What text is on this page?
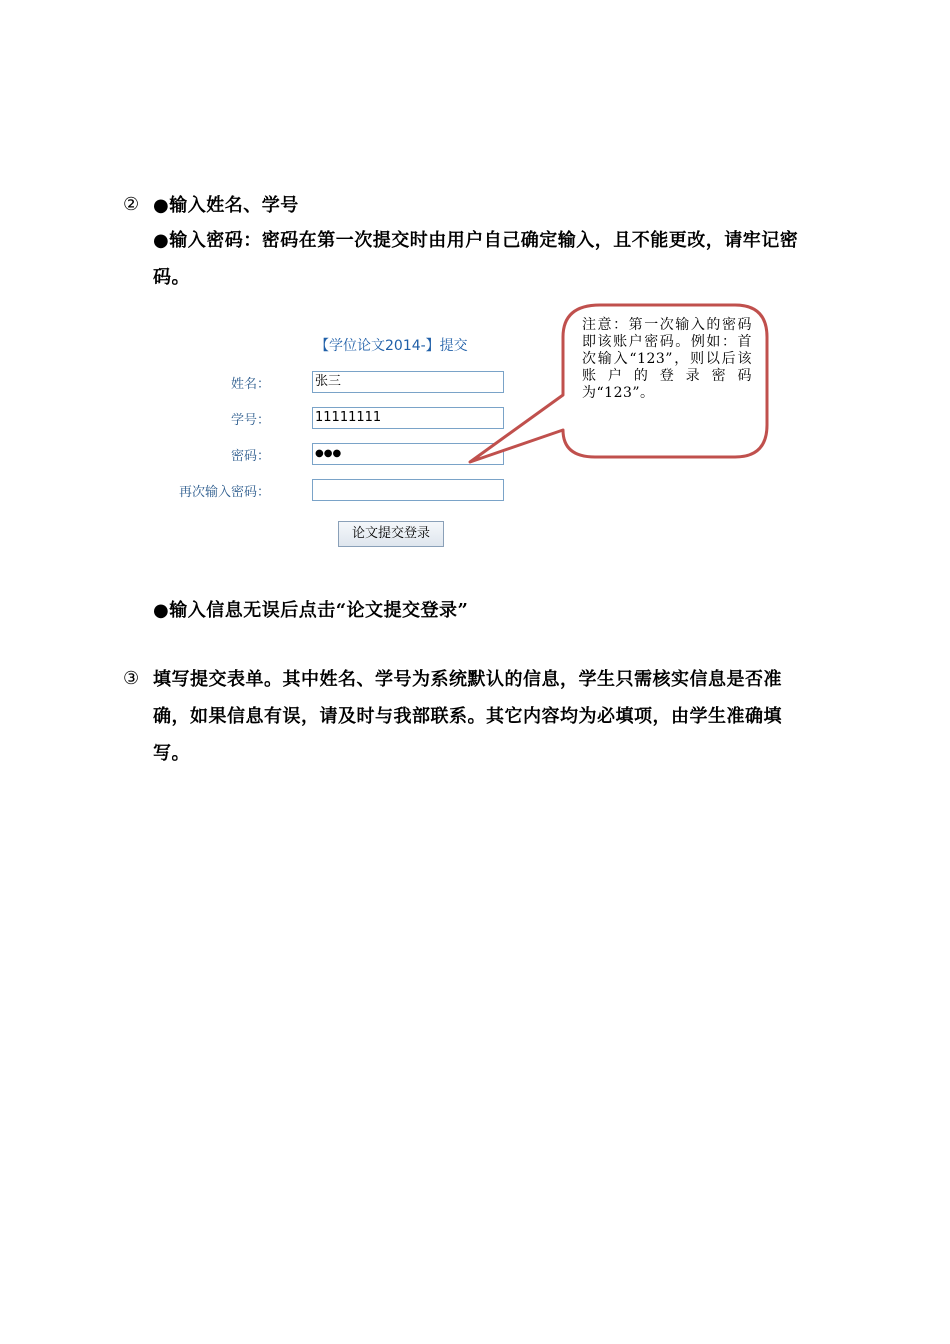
② ●输入姓名、学号
●输入密码：密码在第一次提交时由用户自己确定输入，且不能更改，请牢记密码。
【学位论文2014-】提交
姓名：	张三
学号：	11111111
密码：	●●●
再次输入密码：
论文提交登录
注意：第一次输入的密码即该账户密码。例如：首次输入“123”，则以后该账户的登录密码为“123”。
●输入信息无误后点击“论文提交登录”
③ 填写提交表单。其中姓名、学号为系统默认的信息，学生只需核实信息是否准确，如果信息有误，请及时与我部联系。其它内容均为必填项，由学生准确填写。
